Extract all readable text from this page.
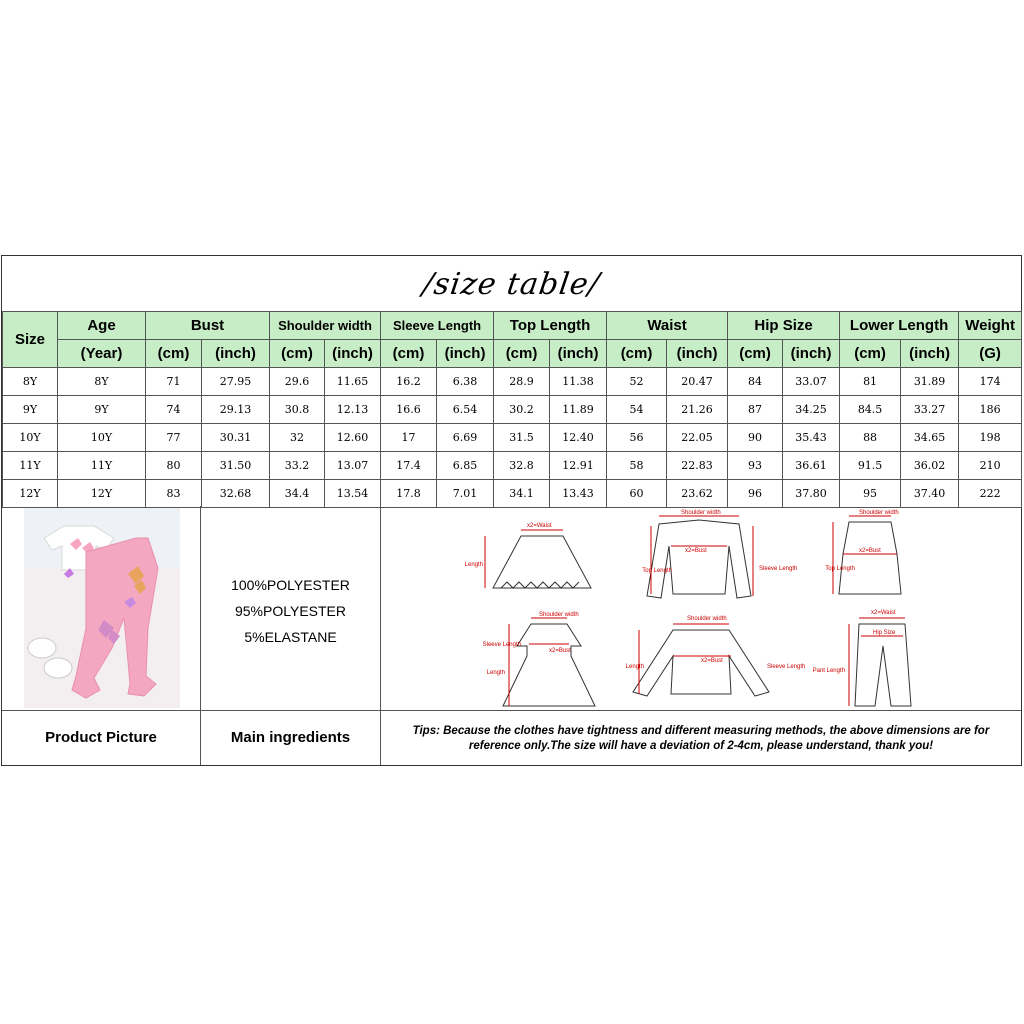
/size table/
Size	Age	Bust		Shoulder width		Sleeve Length		Top Length		Waist		Hip Size		Lower Length		Weight
	(Year)	(cm)	(inch)	(cm)	(inch)	(cm)	(inch)	(cm)	(inch)	(cm)	(inch)	(cm)	(inch)	(cm)	(inch)	(G)
8Y	8Y	71	27.95	29.6	11.65	16.2	6.38	28.9	11.38	52	20.47	84	33.07	81	31.89	174
9Y	9Y	74	29.13	30.8	12.13	16.6	6.54	30.2	11.89	54	21.26	87	34.25	84.5	33.27	186
10Y	10Y	77	30.31	32	12.60	17	6.69	31.5	12.40	56	22.05	90	35.43	88	34.65	198
11Y	11Y	80	31.50	33.2	13.07	17.4	6.85	32.8	12.91	58	22.83	93	36.61	91.5	36.02	210
12Y	12Y	83	32.68	34.4	13.54	17.8	7.01	34.1	13.43	60	23.62	96	37.80	95	37.40	222
100%POLYESTER
95%POLYESTER
5%ELASTANE
x2=Waist
Length
Shoulder width
x2=Bust
Top Length	Sleeve Length
Shoulder width
x2=Bust
Top Length
Shoulder width
x2=Bust
Sleeve Length
Length
Shoulder width
x2=Bust
Length	Sleeve Length
x2=Waist
Hip Size
Pant Length
Product Picture	Main ingredients	Tips: Because the clothes have tightness and different measuring methods, the above dimensions are for reference only.The size will have a deviation of 2-4cm, please understand, thank you!
